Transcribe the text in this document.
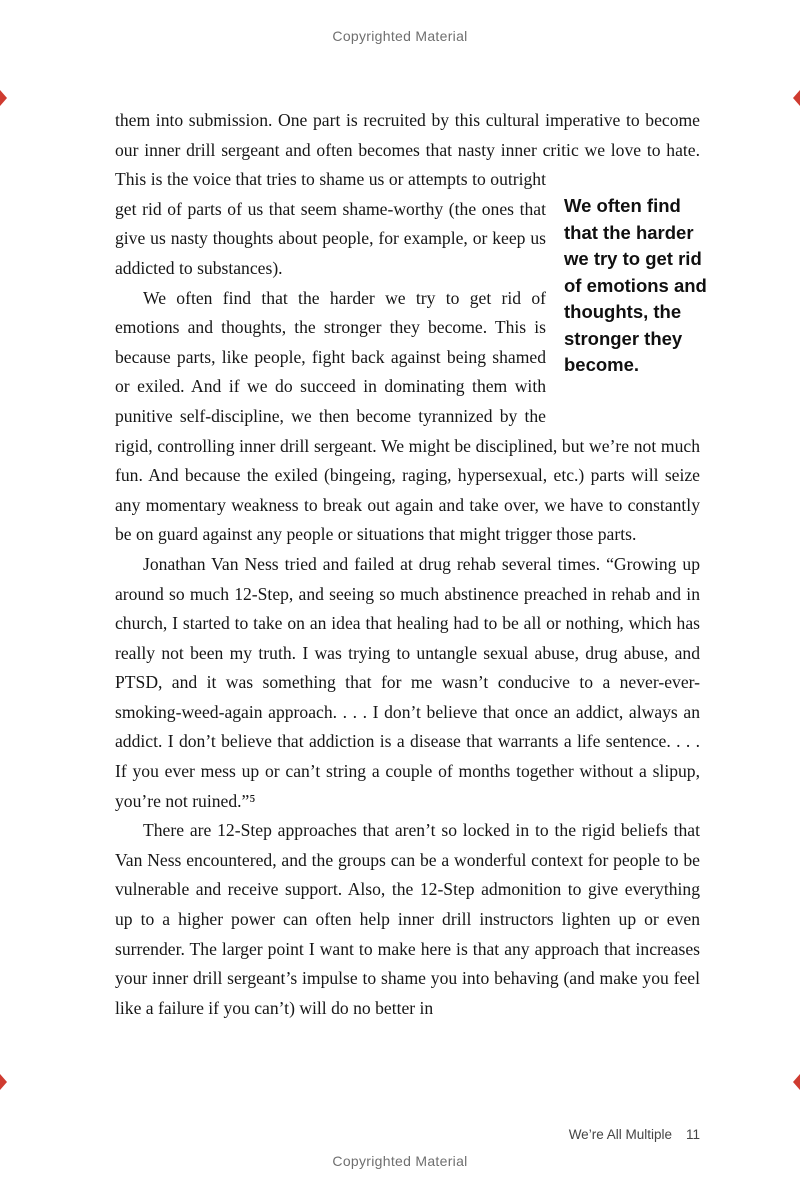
Copyrighted Material

them into submission. One part is recruited by this cultural imperative to become our inner drill sergeant and often becomes that nasty inner critic we love to hate. This is the voice that tries to shame us or attempts to
We often find that the harder we try to get rid of emotions and thoughts, the stronger they become.
outright get rid of parts of us that seem shame-worthy (the ones that give us nasty thoughts about people, for example, or keep us addicted to substances).

We often find that the harder we try to get rid of emotions and thoughts, the stronger they become. This is because parts, like people, fight back against being shamed or exiled. And if we do succeed in dominating them with punitive self-discipline, we then become tyrannized by the rigid, controlling inner drill sergeant. We might be disciplined, but we’re not much fun. And because the exiled (bingeing, raging, hypersexual, etc.) parts will seize any momentary weakness to break out again and take over, we have to constantly be on guard against any people or situations that might trigger those parts.

Jonathan Van Ness tried and failed at drug rehab several times. “Growing up around so much 12-Step, and seeing so much abstinence preached in rehab and in church, I started to take on an idea that healing had to be all or nothing, which has really not been my truth. I was trying to untangle sexual abuse, drug abuse, and PTSD, and it was something that for me wasn’t conducive to a never-ever-smoking-weed-again approach. . . . I don’t believe that once an addict, always an addict. I don’t believe that addiction is a disease that warrants a life sentence. . . . If you ever mess up or can’t string a couple of months together without a slipup, you’re not ruined.”⁵

There are 12-Step approaches that aren’t so locked in to the rigid beliefs that Van Ness encountered, and the groups can be a wonderful context for people to be vulnerable and receive support. Also, the 12-Step admonition to give everything up to a higher power can often help inner drill instructors lighten up or even surrender. The larger point I want to make here is that any approach that increases your inner drill sergeant’s impulse to shame you into behaving (and make you feel like a failure if you can’t) will do no better in

We’re All Multiple 11
Copyrighted Material
